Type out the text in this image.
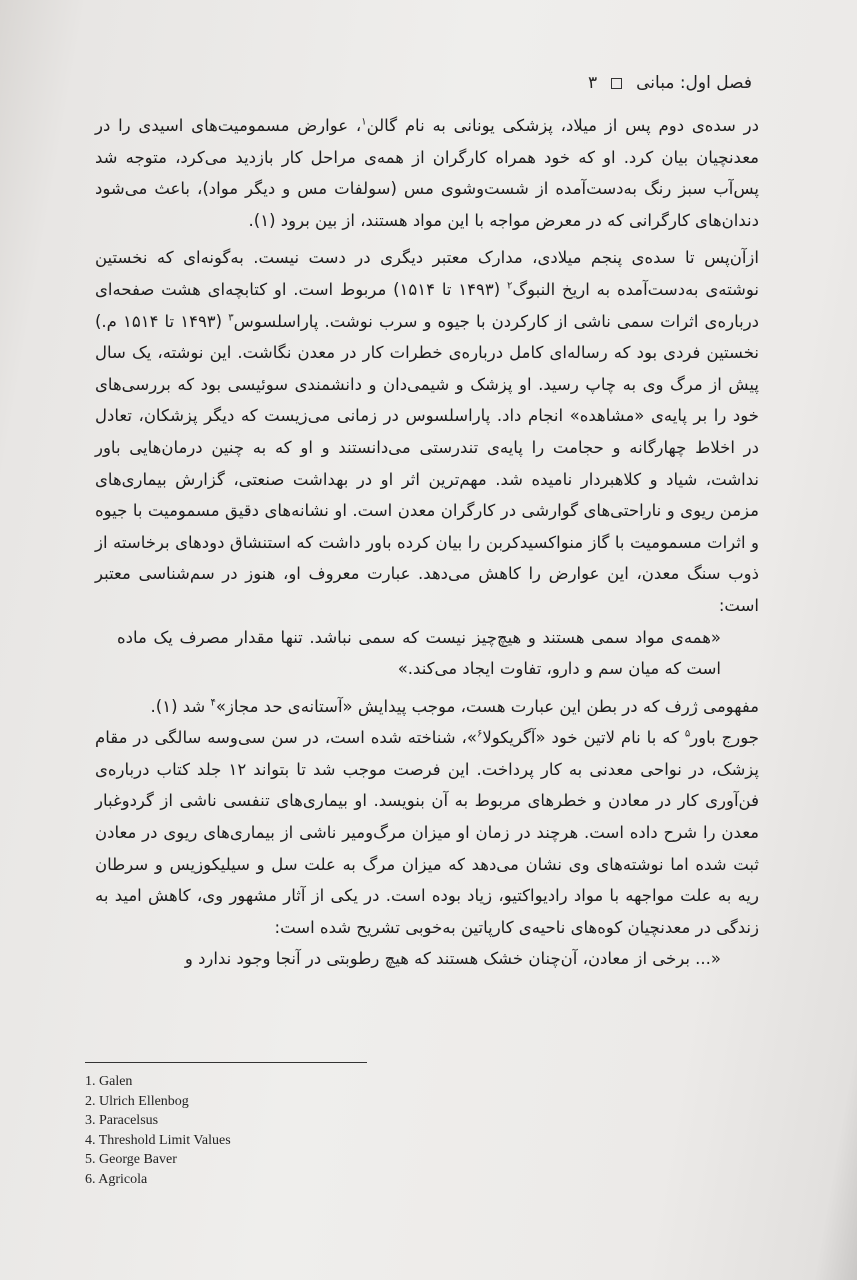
فصل اول: مبانی
۳

در سده‌ی دوم پس از میلاد، پزشکی یونانی به نام گالن$^۱$، عوارض مسمومیت‌های اسیدی را در معدنچیان بیان کرد. او که خود همراه کارگران از همه‌ی مراحل کار بازدید می‌کرد، متوجه شد پس‌آب سبز رنگ به‌دست‌آمده از شست‌وشوی مس (سولفات مس و دیگر مواد)، باعث می‌شود دندان‌های کارگرانی که در معرض مواجه با این مواد هستند، از بین برود (۱).

ازآن‌پس تا سده‌ی پنجم میلادی، مدارک معتبر دیگری در دست نیست. به‌گونه‌ای که نخستین نوشته‌ی به‌دست‌آمده به اریخ النبوگ$^۲$ (۱۴۹۳ تا ۱۵۱۴) مربوط است. او کتابچه‌ای هشت صفحه‌ای درباره‌ی اثرات سمی ناشی از کارکردن با جیوه و سرب نوشت. پاراسلسوس$^۳$ (۱۴۹۳ تا ۱۵۱۴ م.) نخستین فردی بود که رساله‌ای کامل درباره‌ی خطرات کار در معدن نگاشت. این نوشته، یک سال پیش از مرگ وی به چاپ رسید. او پزشک و شیمی‌دان و دانشمندی سوئیسی بود که بررسی‌های خود را بر پایه‌ی «مشاهده» انجام داد. پاراسلسوس در زمانی می‌زیست که دیگر پزشکان، تعادل در اخلاط چهارگانه و حجامت را پایه‌ی تندرستی می‌دانستند و او که به چنین درمان‌هایی باور نداشت، شیاد و کلاهبردار نامیده شد. مهم‌ترین اثر او در بهداشت صنعتی، گزارش بیماری‌های مزمن ریوی و ناراحتی‌های گوارشی در کارگران معدن است. او نشانه‌های دقیق مسمومیت با جیوه و اثرات مسمومیت با گاز منواکسیدکربن را بیان کرده باور داشت که استنشاق دودهای برخاسته از ذوب سنگ معدن، این عوارض را کاهش می‌دهد. عبارت معروف او، هنوز در سم‌شناسی معتبر است:

«همه‌ی مواد سمی هستند و هیچ‌چیز نیست که سمی نباشد. تنها مقدار مصرف یک ماده است که میان سم و دارو، تفاوت ایجاد می‌کند.»

مفهومی ژرف که در بطن این عبارت هست، موجب پیدایش «آستانه‌ی حد مجاز»$^۴$ شد (۱).

جورج باور$^۵$ که با نام لاتین خود «آگریکولا$^۶$»، شناخته شده است، در سن سی‌وسه سالگی در مقام پزشک، در نواحی معدنی به کار پرداخت. این فرصت موجب شد تا بتواند ۱۲ جلد کتاب درباره‌ی فن‌آوری کار در معادن و خطرهای مربوط به آن بنویسد. او بیماری‌های تنفسی ناشی از گردوغبار معدن را شرح داده است. هرچند در زمان او میزان مرگ‌ومیر ناشی از بیماری‌های ریوی در معادن ثبت شده اما نوشته‌های وی نشان می‌دهد که میزان مرگ به علت سل و سیلیکوزیس و سرطان ریه به علت مواجهه با مواد رادیواکتیو، زیاد بوده است. در یکی از آثار مشهور وی، کاهش امید به زندگی در معدنچیان کوه‌های ناحیه‌ی کارپاتین به‌خوبی تشریح شده است:

«... برخی از معادن، آن‌چنان خشک هستند که هیچ رطوبتی در آنجا وجود ندارد و

1. Galen
2. Ulrich Ellenbog
3. Paracelsus
4. Threshold Limit Values
5. George Baver
6. Agricola
